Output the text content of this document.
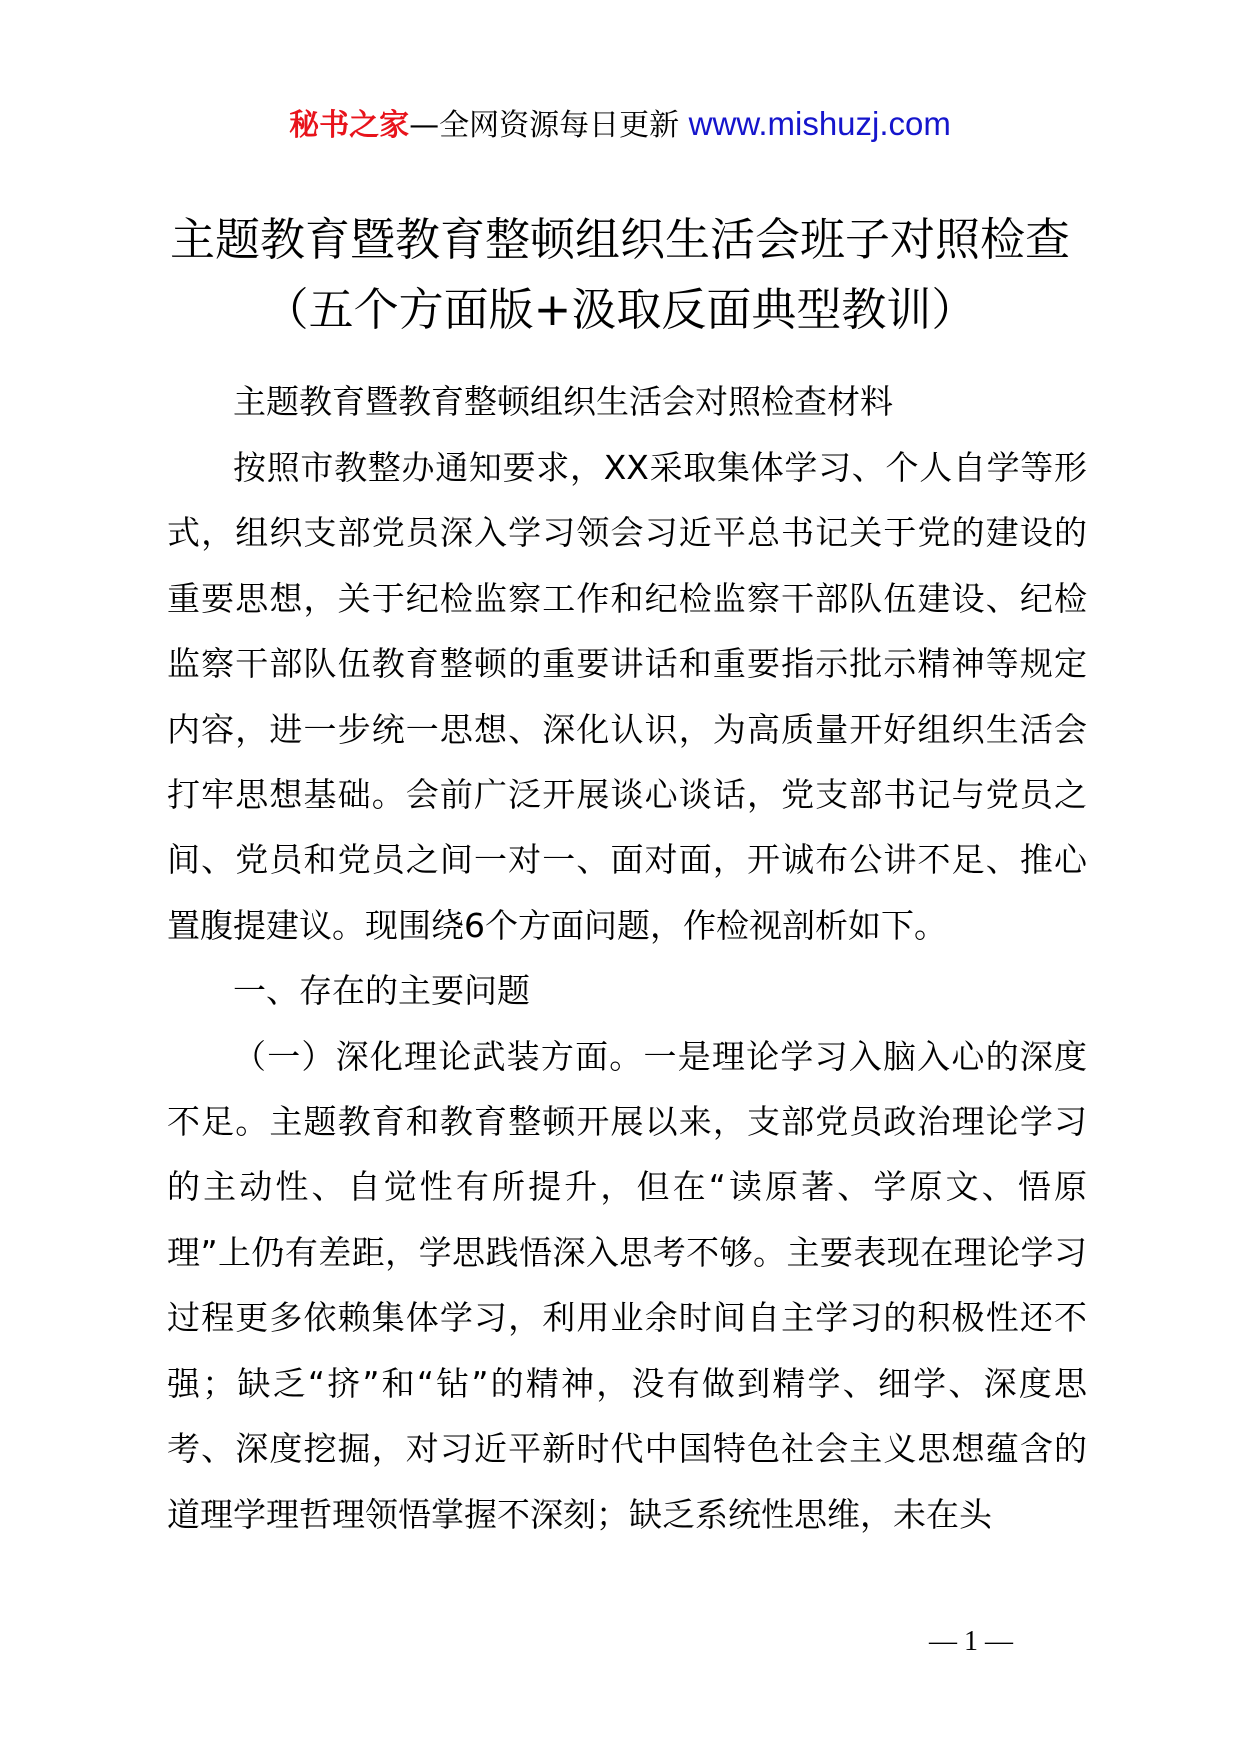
秘书之家—全网资源每日更新 www.mishuzj.com
主题教育暨教育整顿组织生活会班子对照检查
（五个方面版+汲取反面典型教训）

主题教育暨教育整顿组织生活会对照检查材料

按照市教整办通知要求，XX采取集体学习、个人自学等形式，组织支部党员深入学习领会习近平总书记关于党的建设的重要思想，关于纪检监察工作和纪检监察干部队伍建设、纪检监察干部队伍教育整顿的重要讲话和重要指示批示精神等规定内容，进一步统一思想、深化认识，为高质量开好组织生活会打牢思想基础。会前广泛开展谈心谈话，党支部书记与党员之间、党员和党员之间一对一、面对面，开诚布公讲不足、推心置腹提建议。现围绕6个方面问题，作检视剖析如下。

一、存在的主要问题

（一）深化理论武装方面。一是理论学习入脑入心的深度不足。主题教育和教育整顿开展以来，支部党员政治理论学习的主动性、自觉性有所提升，但在“读原著、学原文、悟原理”上仍有差距，学思践悟深入思考不够。主要表现在理论学习过程更多依赖集体学习，利用业余时间自主学习的积极性还不强；缺乏“挤”和“钻”的精神，没有做到精学、细学、深度思考、深度挖掘，对习近平新时代中国特色社会主义思想蕴含的道理学理哲理领悟掌握不深刻；缺乏系统性思维，未在头

— 1 —
